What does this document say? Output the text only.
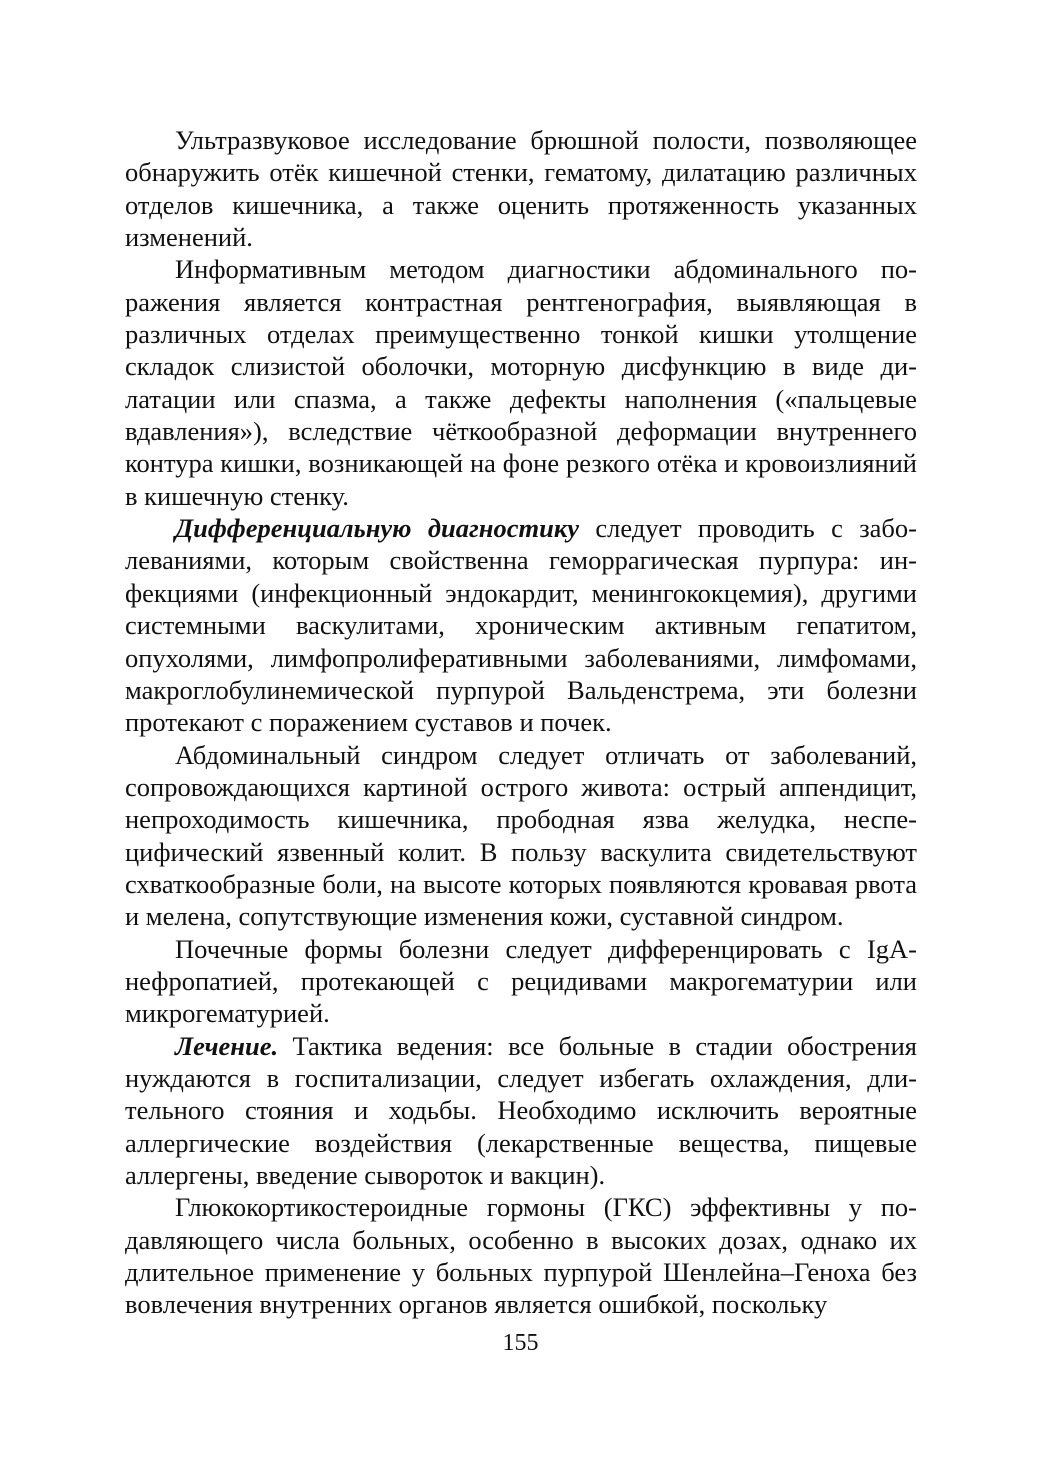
Ультразвуковое исследование брюшной полости, позволяющее обнаружить отёк кишечной стенки, гематому, дилатацию различных отделов кишечника, а также оценить протяженность указанных изменений.

Информативным методом диагностики абдоминального поражения является контрастная рентгенография, выявляющая в различных отделах преимущественно тонкой кишки утолщение складок слизистой оболочки, моторную дисфункцию в виде дилатации или спазма, а также дефекты наполнения («пальцевые вдавления»), вследствие чёткообразной деформации внутреннего контура кишки, возникающей на фоне резкого отёка и кровоизлияний в кишечную стенку.

Дифференциальную диагностику следует проводить с заболеваниями, которым свойственна геморрагическая пурпура: инфекциями (инфекционный эндокардит, менингококцемия), другими системными васкулитами, хроническим активным гепатитом, опухолями, лимфопролиферативными заболеваниями, лимфомами, макроглобулинемической пурпурой Вальденстрема, эти болезни протекают с поражением суставов и почек.

Абдоминальный синдром следует отличать от заболеваний, сопровождающихся картиной острого живота: острый аппендицит, непроходимость кишечника, прободная язва желудка, неспецифический язвенный колит. В пользу васкулита свидетельствуют схваткообразные боли, на высоте которых появляются кровавая рвота и мелена, сопутствующие изменения кожи, суставной синдром.

Почечные формы болезни следует дифференцировать с IgA-нефропатией, протекающей с рецидивами макрогематурии или микрогематурией.

Лечение. Тактика ведения: все больные в стадии обострения нуждаются в госпитализации, следует избегать охлаждения, длительного стояния и ходьбы. Необходимо исключить вероятные аллергические воздействия (лекарственные вещества, пищевые аллергены, введение сывороток и вакцин).

Глюкокортикостероидные гормоны (ГКС) эффективны у подавляющего числа больных, особенно в высоких дозах, однако их длительное применение у больных пурпурой Шенлейна–Геноха без вовлечения внутренних органов является ошибкой, поскольку

155
